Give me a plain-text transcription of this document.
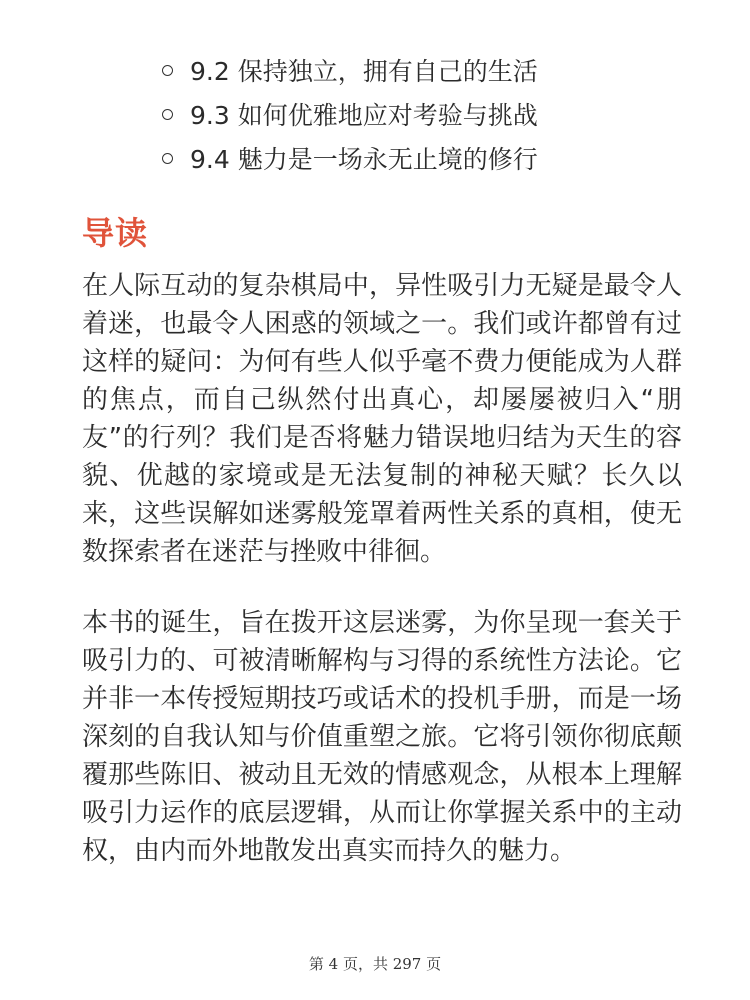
9.2 保持独立，拥有自己的生活
9.3 如何优雅地应对考验与挑战
9.4 魅力是一场永无止境的修行
导读

在人际互动的复杂棋局中，异性吸引力无疑是最令人着迷，也最令人困惑的领域之一。我们或许都曾有过这样的疑问：为何有些人似乎毫不费力便能成为人群的焦点，而自己纵然付出真心，却屡屡被归入“朋友”的行列？我们是否将魅力错误地归结为天生的容貌、优越的家境或是无法复制的神秘天赋？长久以来，这些误解如迷雾般笼罩着两性关系的真相，使无数探索者在迷茫与挫败中徘徊。

本书的诞生，旨在拨开这层迷雾，为你呈现一套关于吸引力的、可被清晰解构与习得的系统性方法论。它并非一本传授短期技巧或话术的投机手册，而是一场深刻的自我认知与价值重塑之旅。它将引领你彻底颠覆那些陈旧、被动且无效的情感观念，从根本上理解吸引力运作的底层逻辑，从而让你掌握关系中的主动权，由内而外地散发出真实而持久的魅力。

第 4 页，共 297 页
